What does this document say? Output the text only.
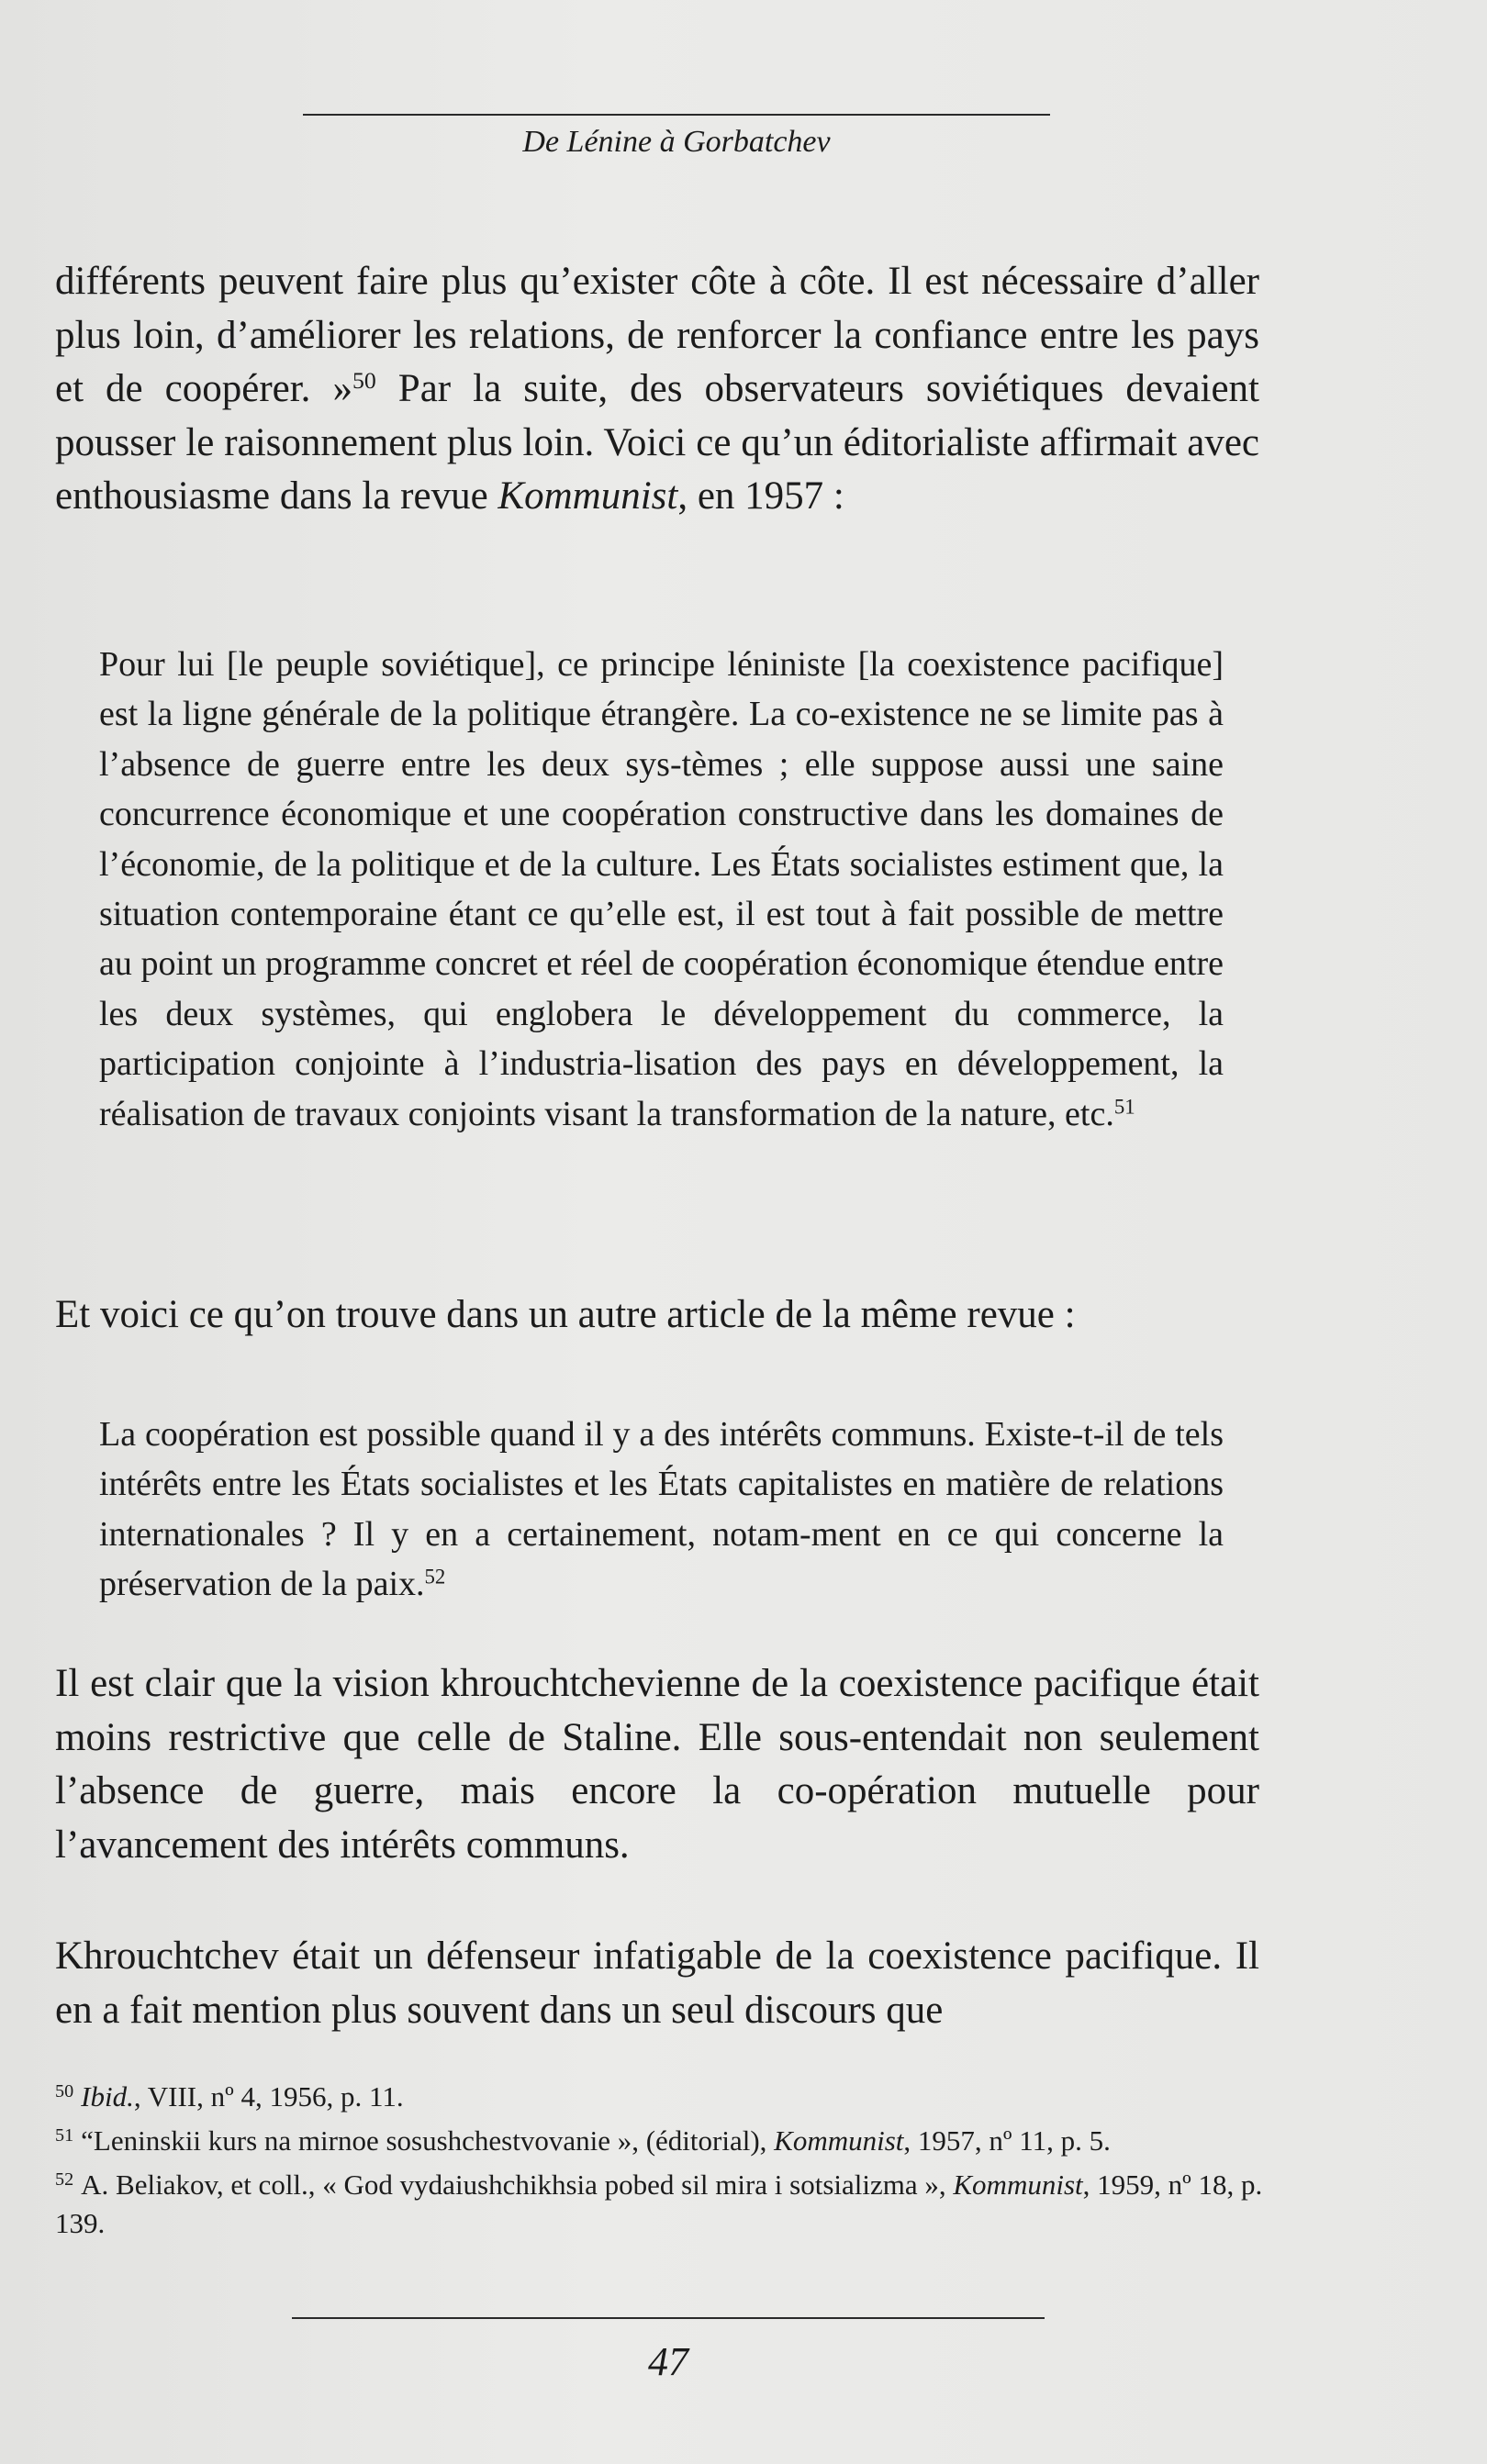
De Lénine à Gorbatchev

différents peuvent faire plus qu’exister côte à côte. Il est nécessaire d’aller plus loin, d’améliorer les relations, de renforcer la confiance entre les pays et de coopérer. »$^{50}$ Par la suite, des observateurs soviétiques devaient pousser le raisonnement plus loin. Voici ce qu’un éditorialiste affirmait avec enthousiasme dans la revue Kommunist, en 1957 :

Pour lui [le peuple soviétique], ce principe léniniste [la coexistence pacifique] est la ligne générale de la politique étrangère. La co-existence ne se limite pas à l’absence de guerre entre les deux sys-tèmes ; elle suppose aussi une saine concurrence économique et une coopération constructive dans les domaines de l’économie, de la politique et de la culture. Les États socialistes estiment que, la situation contemporaine étant ce qu’elle est, il est tout à fait possible de mettre au point un programme concret et réel de coopération économique étendue entre les deux systèmes, qui englobera le développement du commerce, la participation conjointe à l’industria-lisation des pays en développement, la réalisation de travaux conjoints visant la transformation de la nature, etc.$^{51}$

Et voici ce qu’on trouve dans un autre article de la même revue :

La coopération est possible quand il y a des intérêts communs. Existe-t-il de tels intérêts entre les États socialistes et les États capitalistes en matière de relations internationales ? Il y en a certainement, notam-ment en ce qui concerne la préservation de la paix.$^{52}$

Il est clair que la vision khrouchtchevienne de la coexistence pacifique était moins restrictive que celle de Staline. Elle sous-entendait non seulement l’absence de guerre, mais encore la co-opération mutuelle pour l’avancement des intérêts communs.

Khrouchtchev était un défenseur infatigable de la coexistence pacifique. Il en a fait mention plus souvent dans un seul discours que

$^{50}$ Ibid., VIII, nº 4, 1956, p. 11.
$^{51}$ “Leninskii kurs na mirnoe sosushchestvovanie », (éditorial), Kommunist, 1957, nº 11, p. 5.
$^{52}$ A. Beliakov, et coll., « God vydaiushchikhsia pobed sil mira i sotsializma », Kommunist, 1959, nº 18, p. 139.
47
